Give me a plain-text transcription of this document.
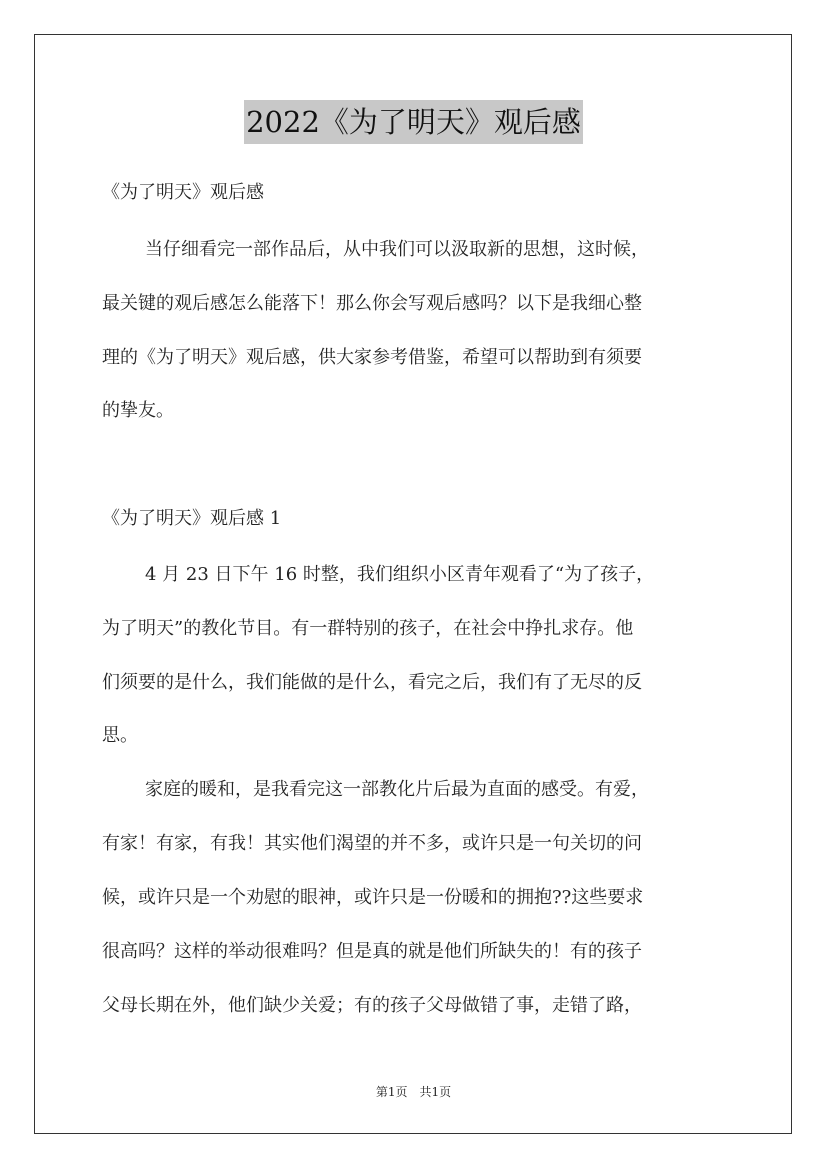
2022《为了明天》观后感
《为了明天》观后感
当仔细看完一部作品后，从中我们可以汲取新的思想，这时候，
最关键的观后感怎么能落下！那么你会写观后感吗？以下是我细心整
理的《为了明天》观后感，供大家参考借鉴，希望可以帮助到有须要
的挚友。
《为了明天》观后感 1
4 月 23 日下午 16 时整，我们组织小区青年观看了“为了孩子，
为了明天”的教化节目。有一群特别的孩子，在社会中挣扎求存。他
们须要的是什么，我们能做的是什么，看完之后，我们有了无尽的反
思。
家庭的暖和，是我看完这一部教化片后最为直面的感受。有爱，
有家！有家，有我！其实他们渴望的并不多，或许只是一句关切的问
候，或许只是一个劝慰的眼神，或许只是一份暖和的拥抱??这些要求
很高吗？这样的举动很难吗？但是真的就是他们所缺失的！有的孩子
父母长期在外，他们缺少关爱；有的孩子父母做错了事，走错了路，
第1页　共1页
